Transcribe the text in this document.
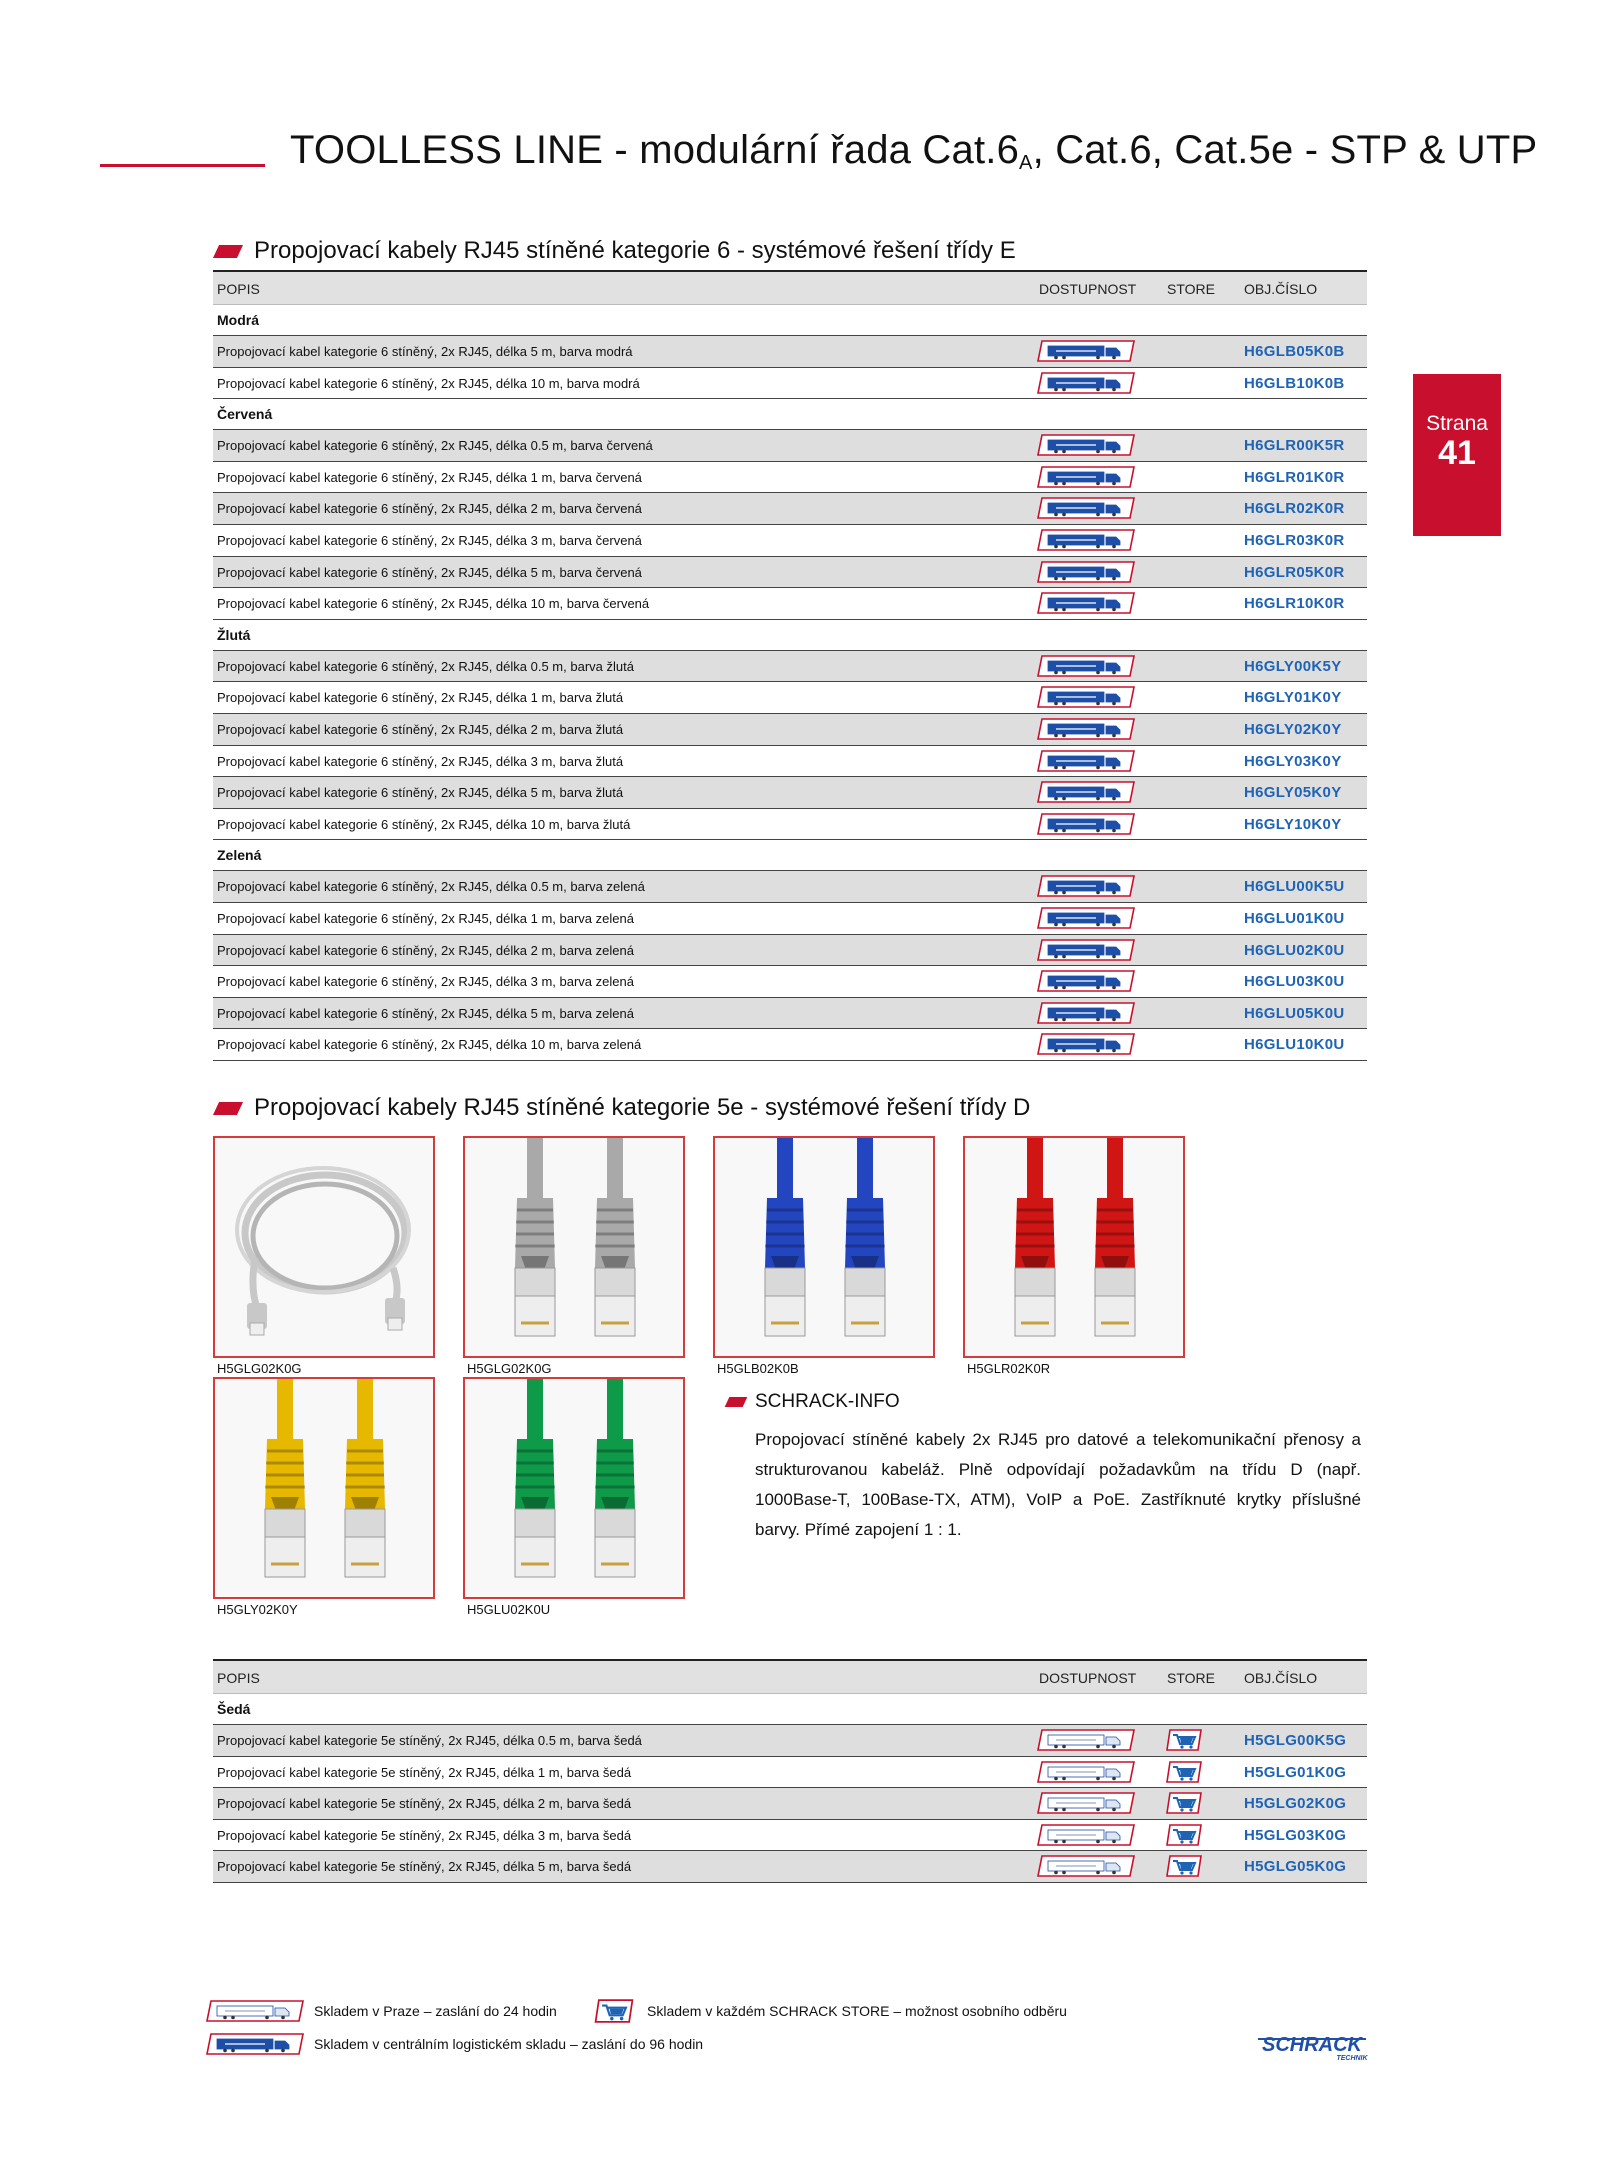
TOOLLESS LINE - modulární řada $Cat.6_A$, Cat.6, Cat.5e - STP & UTP
Strana
41
Propojovací kabely RJ45 stíněné kategorie 6 - systémové řešení třídy E
POPIS	DOSTUPNOST STORE OBJ.ČÍSLO
Modrá
Propojovací kabel kategorie 6 stíněný, 2x RJ45, délka 5 m, barva modrá	H6GLB05K0B
Propojovací kabel kategorie 6 stíněný, 2x RJ45, délka 10 m, barva modrá	H6GLB10K0B
Červená
Propojovací kabel kategorie 6 stíněný, 2x RJ45, délka 0.5 m, barva červená	H6GLR00K5R
Propojovací kabel kategorie 6 stíněný, 2x RJ45, délka 1 m, barva červená	H6GLR01K0R
Propojovací kabel kategorie 6 stíněný, 2x RJ45, délka 2 m, barva červená	H6GLR02K0R
Propojovací kabel kategorie 6 stíněný, 2x RJ45, délka 3 m, barva červená	H6GLR03K0R
Propojovací kabel kategorie 6 stíněný, 2x RJ45, délka 5 m, barva červená	H6GLR05K0R
Propojovací kabel kategorie 6 stíněný, 2x RJ45, délka 10 m, barva červená	H6GLR10K0R
Žlutá
Propojovací kabel kategorie 6 stíněný, 2x RJ45, délka 0.5 m, barva žlutá	H6GLY00K5Y
Propojovací kabel kategorie 6 stíněný, 2x RJ45, délka 1 m, barva žlutá	H6GLY01K0Y
Propojovací kabel kategorie 6 stíněný, 2x RJ45, délka 2 m, barva žlutá	H6GLY02K0Y
Propojovací kabel kategorie 6 stíněný, 2x RJ45, délka 3 m, barva žlutá	H6GLY03K0Y
Propojovací kabel kategorie 6 stíněný, 2x RJ45, délka 5 m, barva žlutá	H6GLY05K0Y
Propojovací kabel kategorie 6 stíněný, 2x RJ45, délka 10 m, barva žlutá	H6GLY10K0Y
Zelená
Propojovací kabel kategorie 6 stíněný, 2x RJ45, délka 0.5 m, barva zelená	H6GLU00K5U
Propojovací kabel kategorie 6 stíněný, 2x RJ45, délka 1 m, barva zelená	H6GLU01K0U
Propojovací kabel kategorie 6 stíněný, 2x RJ45, délka 2 m, barva zelená	H6GLU02K0U
Propojovací kabel kategorie 6 stíněný, 2x RJ45, délka 3 m, barva zelená	H6GLU03K0U
Propojovací kabel kategorie 6 stíněný, 2x RJ45, délka 5 m, barva zelená	H6GLU05K0U
Propojovací kabel kategorie 6 stíněný, 2x RJ45, délka 10 m, barva zelená	H6GLU10K0U
Propojovací kabely RJ45 stíněné kategorie 5e - systémové řešení třídy D
H5GLG02K0G	H5GLG02K0G	H5GLB02K0B	H5GLR02K0R
H5GLY02K0Y	H5GLU02K0U
SCHRACK-INFO
Propojovací stíněné kabely 2x RJ45 pro datové a telekomunikační přenosy a strukturovanou kabeláž. Plně odpovídají požadavkům na třídu D (např. 1000Base-T, 100Base-TX, ATM), VoIP a PoE. Zastříknuté krytky příslušné barvy. Přímé zapojení 1 : 1.
POPIS	DOSTUPNOST STORE OBJ.ČÍSLO
Šedá
Propojovací kabel kategorie 5e stíněný, 2x RJ45, délka 0.5 m, barva šedá	H5GLG00K5G
Propojovací kabel kategorie 5e stíněný, 2x RJ45, délka 1 m, barva šedá	H5GLG01K0G
Propojovací kabel kategorie 5e stíněný, 2x RJ45, délka 2 m, barva šedá	H5GLG02K0G
Propojovací kabel kategorie 5e stíněný, 2x RJ45, délka 3 m, barva šedá	H5GLG03K0G
Propojovací kabel kategorie 5e stíněný, 2x RJ45, délka 5 m, barva šedá	H5GLG05K0G
Skladem v Praze – zaslání do 24 hodin	Skladem v každém SCHRACK STORE – možnost osobního odběru
Skladem v centrálním logistickém skladu – zaslání do 96 hodin	SCHRACK
TECHNIK
